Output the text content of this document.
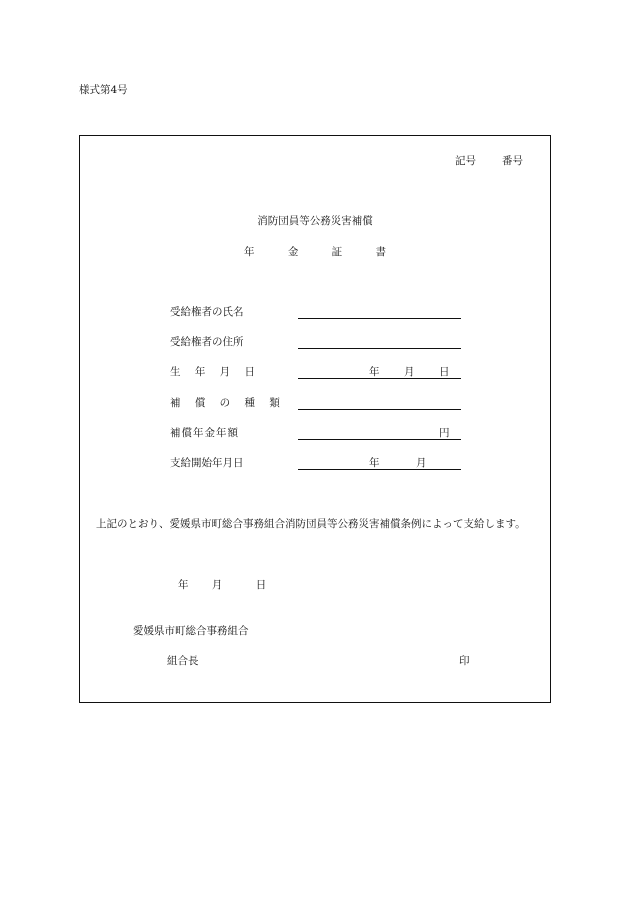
様式第4号
記号 番号
消防団員等公務災害補償
年	金	証	書
受給権者の氏名
受給権者の住所
生 年 月 日	年 月 日
補 償 の 種 類
補償年金年額	円
支給開始年月日	年	月
上記のとおり、愛媛県市町総合事務組合消防団員等公務災害補償条例によって支給します。
年 月	日
愛媛県市町総合事務組合
組合長	印
